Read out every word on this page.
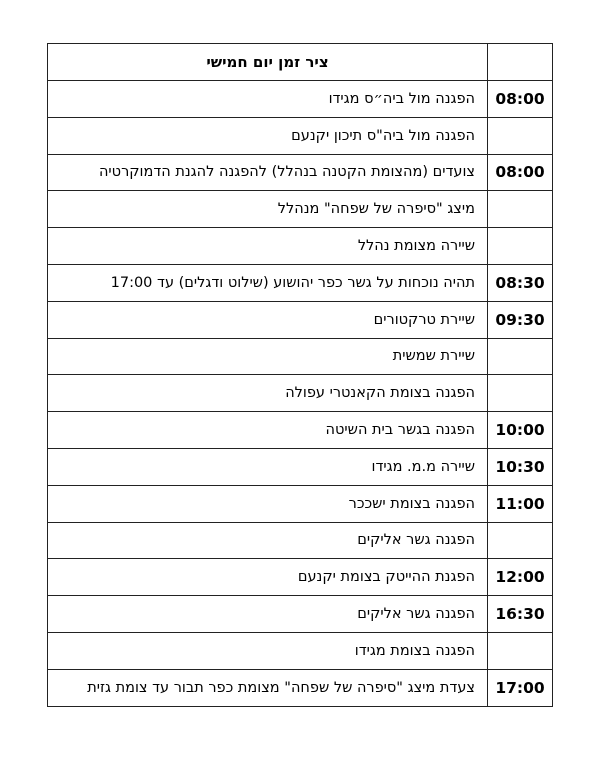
	ציר זמן יום חמישי
08:00	הפגנה מול ביה״ס מגידו
	הפגנה מול ביה"ס תיכון יקנעם
08:00	צועדים (מהצומת הקטנה בנהלל) להפגנה להגנת הדמוקרטיה
	מיצג "סיפרה של שפחה" מנהלל
	שיירה מצומת נהלל
08:30	תהיה נוכחות על גשר כפר יהושוע (שילוט ודגלים) עד 17:00
09:30	שיירת טרקטורים
	שיירת שמשית
	הפגנה בצומת הקאנטרי עפולה
10:00	הפגנה בגשר בית השיטה
10:30	שיירה מ.מ. מגידו
11:00	הפגנה בצומת ישככר
	הפגנה גשר אליקים
12:00	הפגנת ההייטק בצומת יקנעם
16:30	הפגנה גשר אליקים
	הפגנה בצומת מגידו
17:00	צעדת מיצג "סיפרה של שפחה" מצומת כפר תבור עד צומת גזית
